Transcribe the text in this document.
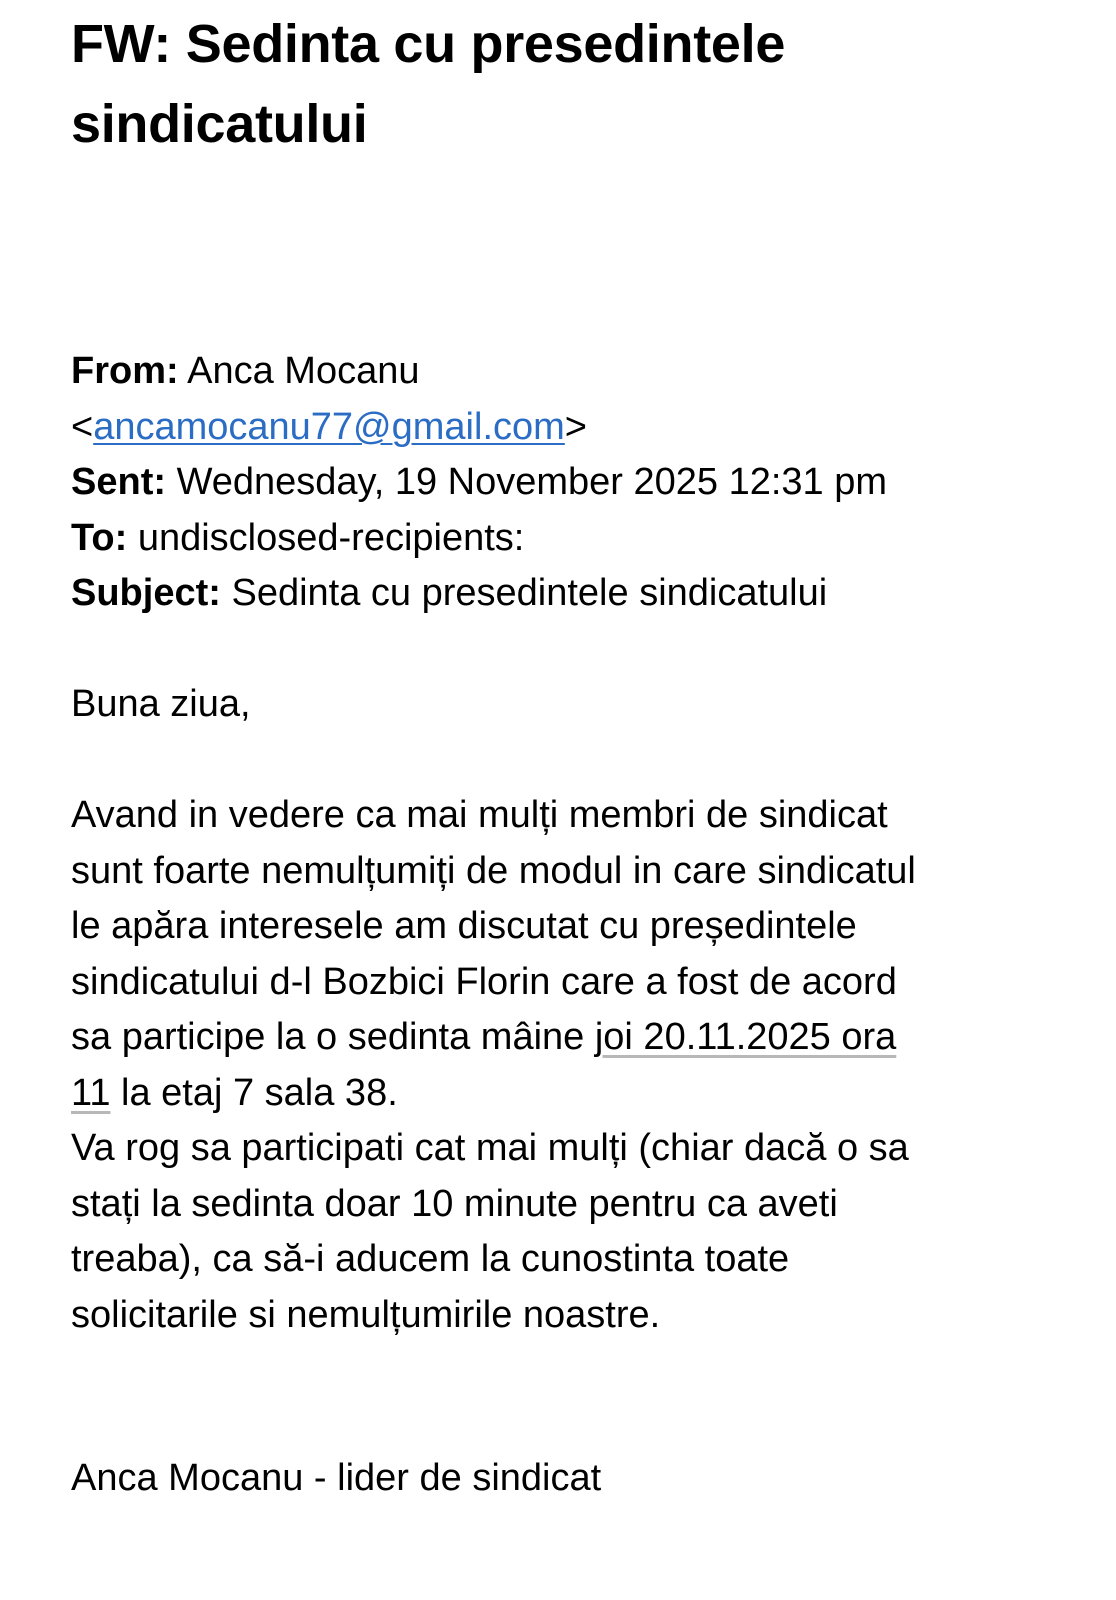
FW: Sedinta cu presedintele
sindicatului
From: Anca Mocanu
<ancamocanu77@gmail.com>
Sent: Wednesday, 19 November 2025 12:31 pm
To: undisclosed-recipients:
Subject: Sedinta cu presedintele sindicatului

Buna ziua,

Avand in vedere ca mai mulți membri de sindicat

sunt foarte nemulțumiți de modul in care sindicatul

le apăra interesele am discutat cu președintele

sindicatului d-l Bozbici Florin care a fost de acord

sa participe la o sedinta mâine joi 20.11.2025 ora

11 la etaj 7 sala 38.

Va rog sa participati cat mai mulți (chiar dacă o sa

stați la sedinta doar 10 minute pentru ca aveti

treaba), ca să-i aducem la cunostinta toate

solicitarile si nemulțumirile noastre.

Anca Mocanu - lider de sindicat
